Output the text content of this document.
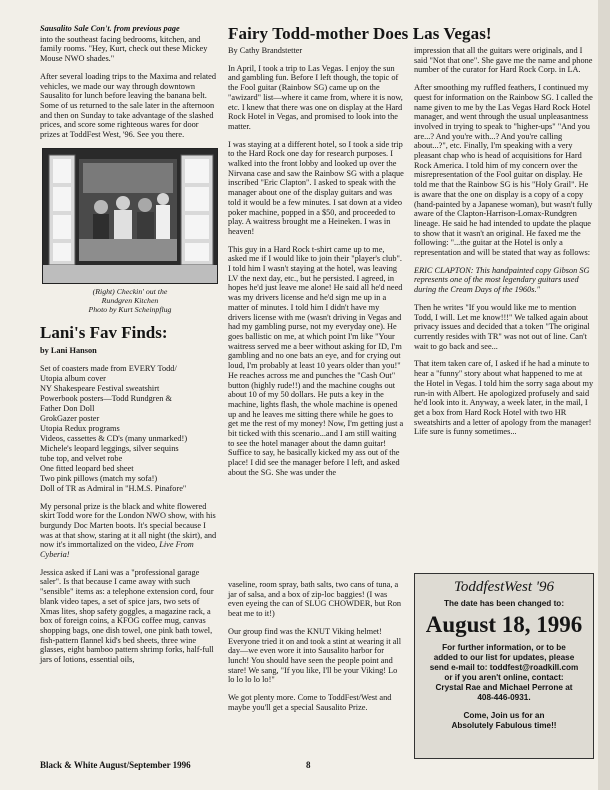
Sausalito Sale Con't. from previous page

into the southeast facing bedrooms, kitchen, and family rooms. "Hey, Kurt, check out these Mickey Mouse NWO shades."

After several loading trips to the Maxima and related vehicles, we made our way through downtown Sausalito for lunch before leaving the banana belt. Some of us returned to the sale later in the afternoon and then on Sunday to take advantage of the slashed prices, and score some righteous wares for door prizes at ToddFest West, '96. See you there.

(Right) Checkin' out the
Rundgren Kitchen
Photo by Kurt Scheinpflug
Lani's Fav Finds:
by Lani Hanson
Set of coasters made from EVERY Todd/
Utopia album cover
NY Shakespeare Festival sweatshirt
Powerbook posters—Todd Rundgren &
Father Don Doll
GrokGazer poster
Utopia Redux programs
Videos, cassettes & CD's (many unmarked!)
Michele's leopard leggings, silver sequins
tube top, and velvet robe
One fitted leopard bed sheet
Two pink pillows (match my sofa!)
Doll of TR as Admiral in "H.M.S. Pinafore"

My personal prize is the black and white flowered skirt Todd wore for the London NWO show, with his burgundy Doc Marten boots. It's special because I was at that show, staring at it all night (the skirt), and now it's immortalized on the video, Live From Cyberia!

Jessica asked if Lani was a "professional garage saler". Is that because I came away with such "sensible" items as: a telephone extension cord, four blank video tapes, a set of spice jars, two sets of Xmas lites, shop safety goggles, a magazine rack, a box of foreign coins, a KFOG coffee mug, canvas shopping bags, one dish towel, one pink bath towel, fish-pattern flannel kid's bed sheets, three wine glasses, eight bamboo pattern shrimp forks, half-full jars of lotions, essential oils,

Fairy Todd-mother Does Las Vegas!
By Cathy Brandstetter

In April, I took a trip to Las Vegas. I enjoy the sun and gambling fun. Before I left though, the topic of the Fool guitar (Rainbow SG) came up on the "awizard" list—where it came from, where it is now, etc. I knew that there was one on display at the Hard Rock Hotel in Vegas, and promised to look into the matter.

I was staying at a different hotel, so I took a side trip to the Hard Rock one day for research purposes. I walked into the front lobby and looked up over the Nirvana case and saw the Rainbow SG with a plaque inscribed "Eric Clapton". I asked to speak with the manager about one of the display guitars and was told it would be a few minutes. I sat down at a video poker machine, popped in a $50, and proceeded to play. A waitress brought me a Heineken. I was in heaven!

This guy in a Hard Rock t-shirt came up to me, asked me if I would like to join their "player's club". I told him I wasn't staying at the hotel, was leaving LV the next day, etc., but he persisted. I agreed, in hopes he'd just leave me alone! He said all he'd need was my drivers license and he'd sign me up in a matter of minutes. I told him I didn't have my drivers license with me (wasn't driving in Vegas and had my gambling purse, not my everyday one). He goes ballistic on me, at which point I'm like "Your waitress served me a beer without asking for ID, I'm gambling and no one bats an eye, and for crying out loud, I'm probably at least 10 years older than you!" He reaches across me and punches the "Cash Out" button (highly rude!!) and the machine coughs out about 10 of my 50 dollars. He puts a key in the machine, lights flash, the whole machine is opened up and he leaves me sitting there while he goes to get me the rest of my money! Now, I'm getting just a bit ticked with this scenario...and I am still waiting to see the hotel manager about the damn guitar! Suffice to say, he basically kicked my ass out of the place! I did see the manager before I left, and asked about the SG. She was under the

vaseline, room spray, bath salts, two cans of tuna, a jar of salsa, and a box of zip-loc baggies! (I was even eyeing the can of SLUG CHOWDER, but Ron beat me to it!)

Our group find was the KNUT Viking helmet! Everyone tried it on and took a stint at wearing it all day—we even wore it into Sausalito harbor for lunch! You should have seen the people point and stare! We sang, "If you like, I'll be your Viking! Lo lo lo lo lo lo!"

We got plenty more. Come to ToddFest/West and maybe you'll get a special Sausalito Prize.

impression that all the guitars were originals, and I said "Not that one". She gave me the name and phone number of the curator for Hard Rock Corp. in LA.

After smoothing my ruffled feathers, I continued my quest for information on the Rainbow SG. I called the name given to me by the Las Vegas Hard Rock Hotel manager, and went through the usual unpleasantness involved in trying to speak to "higher-ups" "And you are...? And you're with...? And you're calling about...?", etc. Finally, I'm speaking with a very pleasant chap who is head of acquisitions for Hard Rock America. I told him of my concern over the misrepresentation of the Fool guitar on display. He told me that the Rainbow SG is his "Holy Grail". He is aware that the one on display is a copy of a copy (hand-painted by a Japanese woman), but wasn't fully aware of the Clapton-Harrison-Lomax-Rundgren lineage. He said he had intended to update the plaque to show that it wasn't an original. He faxed me the following: "...the guitar at the Hotel is only a representation and will be stated that way as follows:

ERIC CLAPTON: This handpainted copy Gibson SG represents one of the most legendary guitars used during the Cream Days of the 1960s."

Then he writes "If you would like me to mention Todd, I will. Let me know!!!" We talked again about privacy issues and decided that a token "The original currently resides with TR" was not out of line. Can't wait to go back and see...

That item taken care of, I asked if he had a minute to hear a "funny" story about what happened to me at the Hotel in Vegas. I told him the sorry saga about my run-in with Albert. He apologized profusely and said he'd look into it. Anyway, a week later, in the mail, I get a box from Hard Rock Hotel with two HR sweatshirts and a letter of apology from the manager! Life sure is funny sometimes...

ToddfestWest '96
The date has been changed to:
August 18, 1996
For further information, or to be
added to our list for updates, please
send e-mail to: toddfest@roadkill.com
or if you aren't online, contact:
Crystal Rae and Michael Perrone at
408-446-0931.
Come, Join us for an
Absolutely Fabulous time!!
Black & White August/September 1996	8
